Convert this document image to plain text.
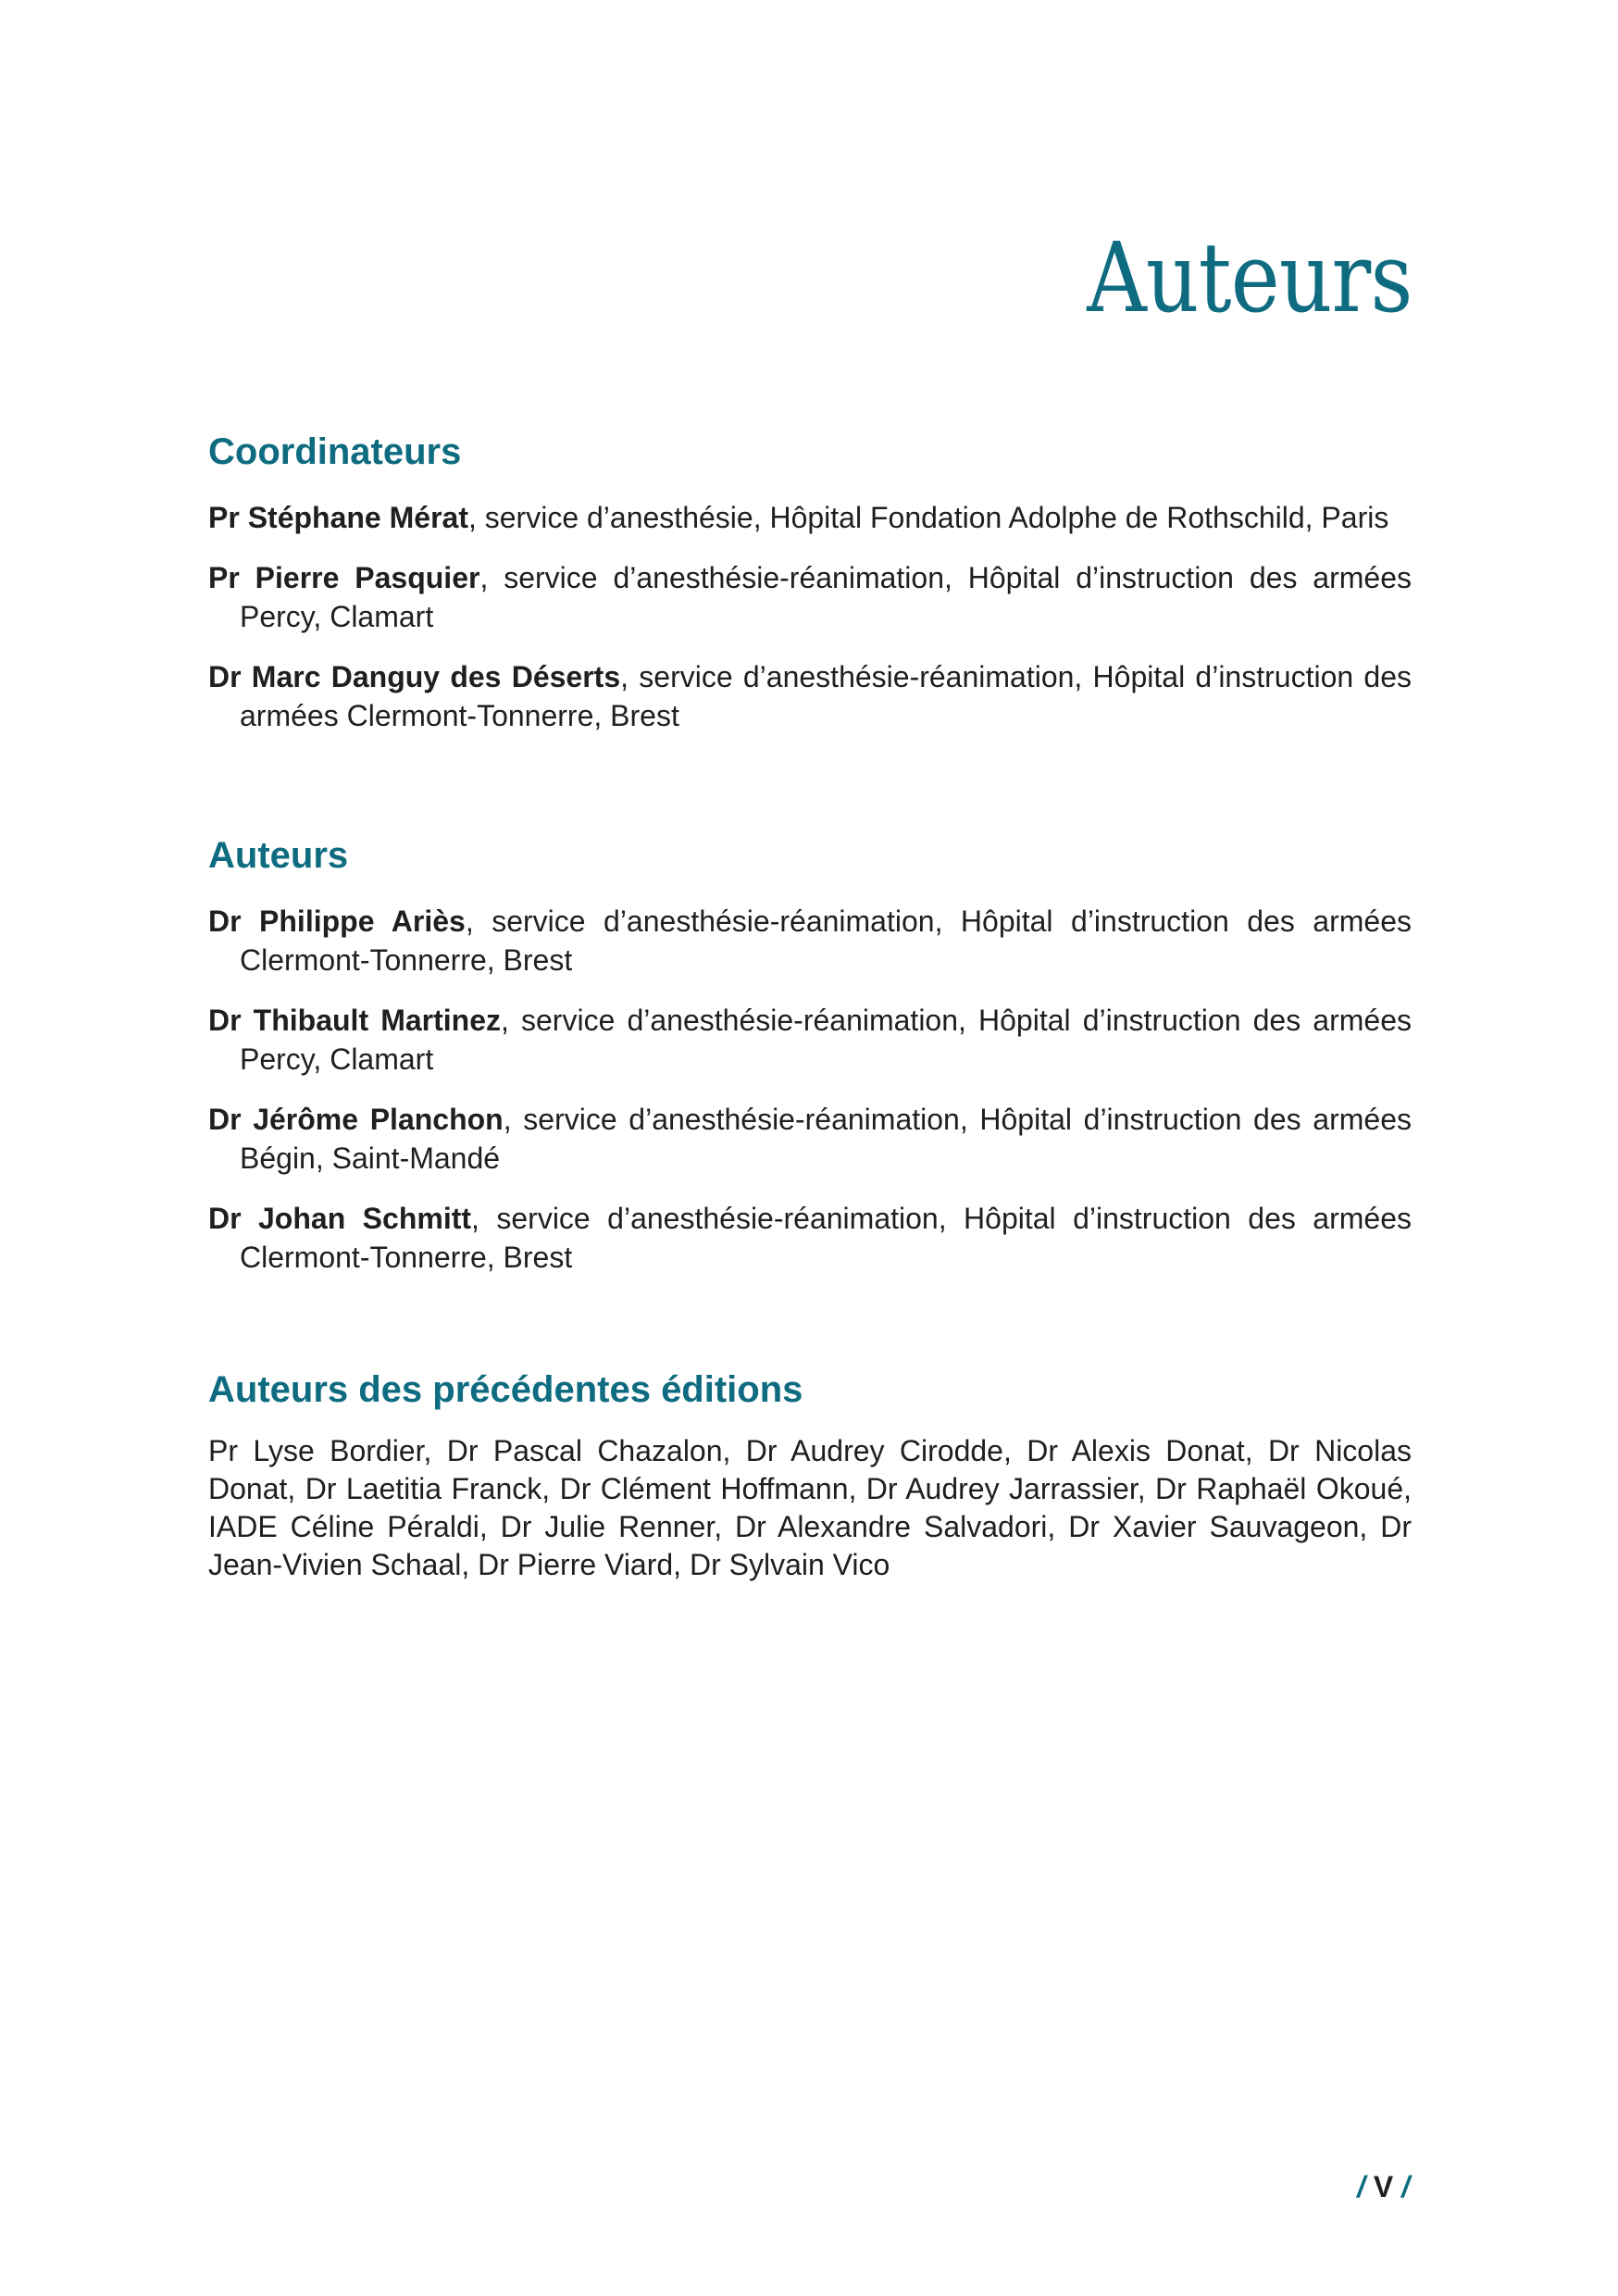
Auteurs
Coordinateurs

Pr Stéphane Mérat, service d’anesthésie, Hôpital Fondation Adolphe de Rothschild, Paris

Pr Pierre Pasquier, service d’anesthésie-réanimation, Hôpital d’instruction des armées Percy, Clamart

Dr Marc Danguy des Déserts, service d’anesthésie-réanimation, Hôpital d’instruction des armées Clermont-Tonnerre, Brest

Auteurs

Dr Philippe Ariès, service d’anesthésie-réanimation, Hôpital d’instruction des armées Clermont-Tonnerre, Brest

Dr Thibault Martinez, service d’anesthésie-réanimation, Hôpital d’instruction des armées Percy, Clamart

Dr Jérôme Planchon, service d’anesthésie-réanimation, Hôpital d’instruction des armées Bégin, Saint-Mandé

Dr Johan Schmitt, service d’anesthésie-réanimation, Hôpital d’instruction des armées Clermont-Tonnerre, Brest

Auteurs des précédentes éditions

Pr Lyse Bordier, Dr Pascal Chazalon, Dr Audrey Cirodde, Dr Alexis Donat, Dr Nicolas Donat, Dr Laetitia Franck, Dr Clément Hoffmann, Dr Audrey Jarrassier, Dr Raphaël Okoué, IADE Céline Péraldi, Dr Julie Renner, Dr Alexandre Salvadori, Dr Xavier Sauvageon, Dr Jean-Vivien Schaal, Dr Pierre Viard, Dr Sylvain Vico

/ V /
